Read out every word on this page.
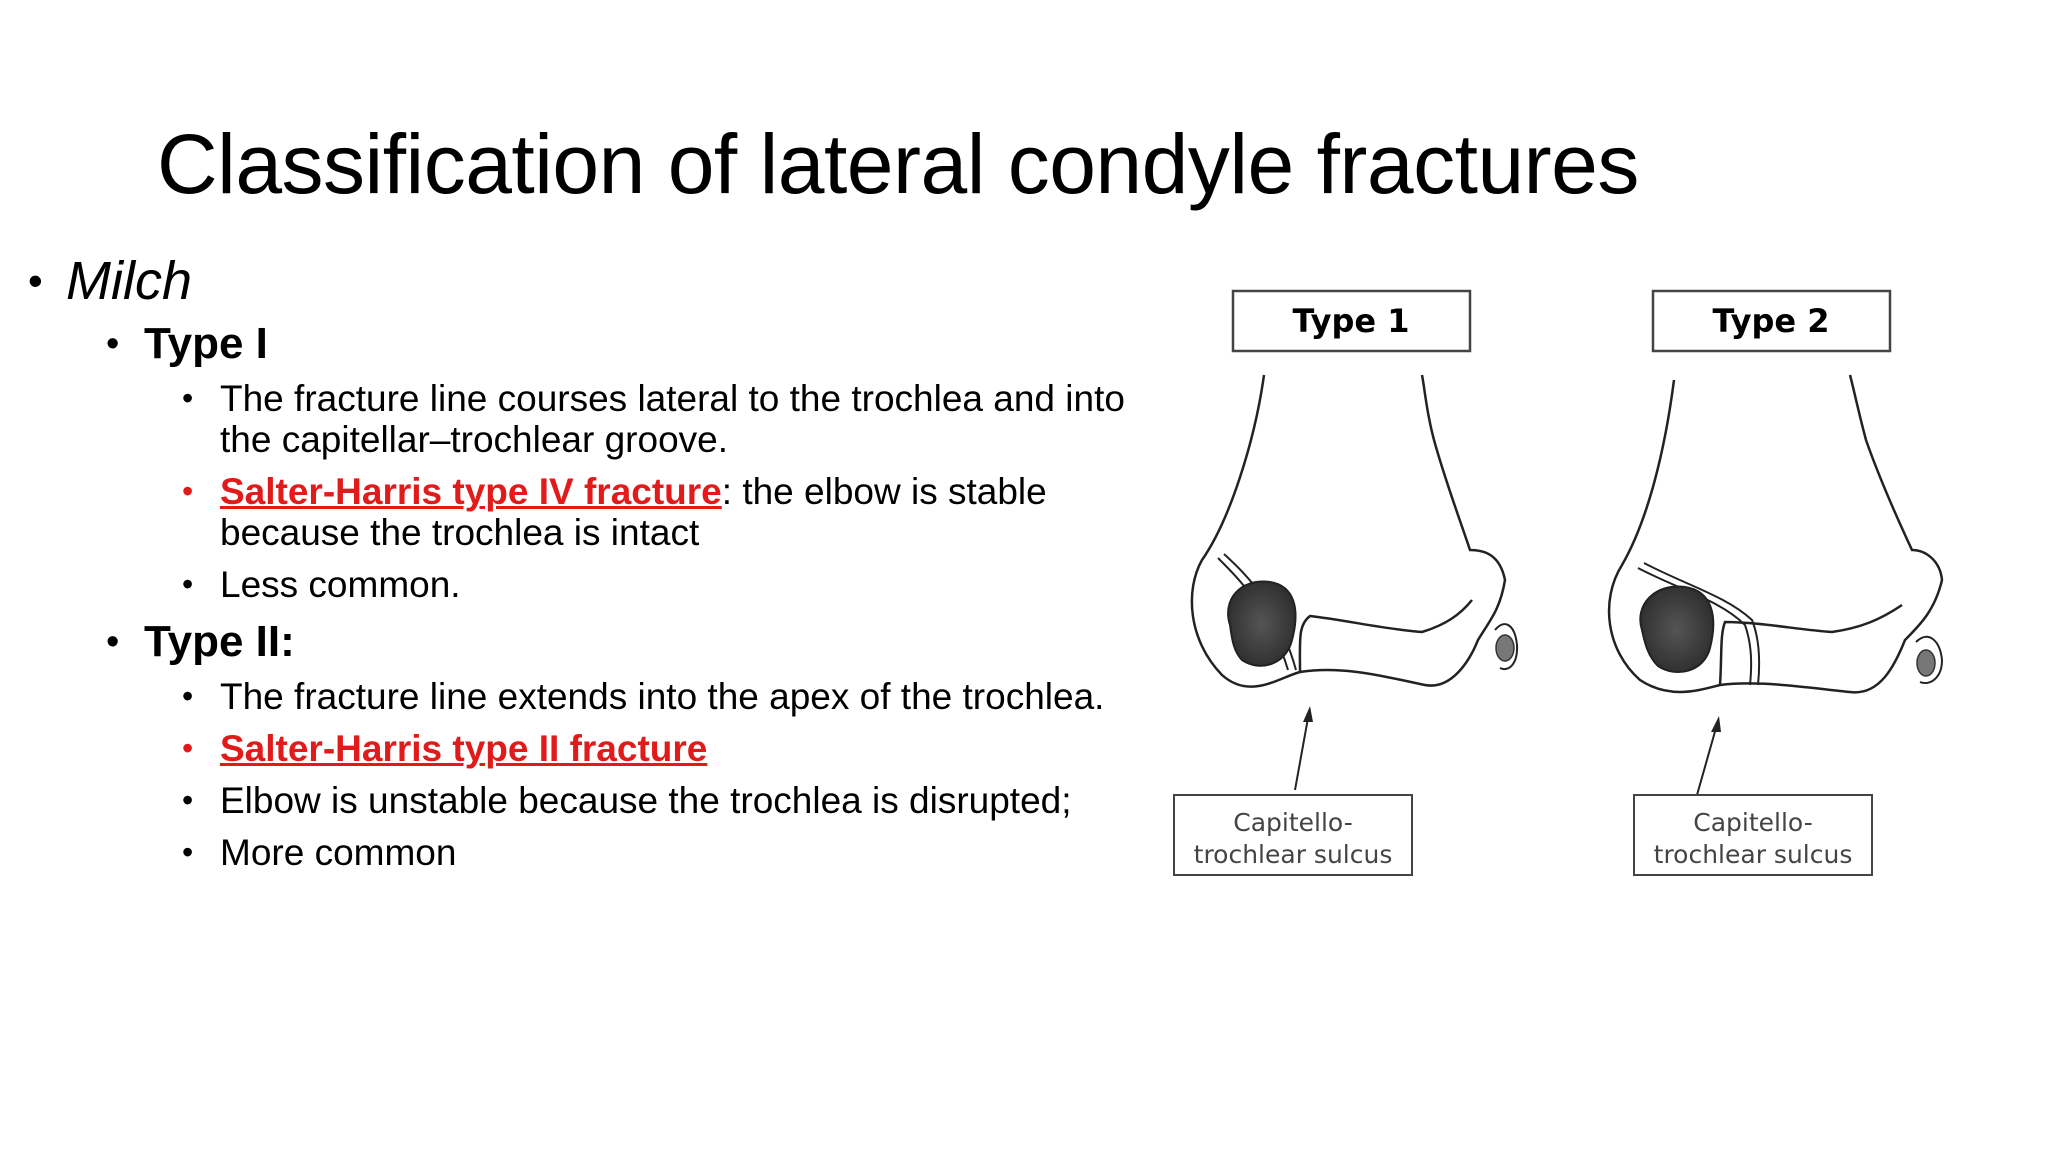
Classification of lateral condyle fractures
• Milch
• Type I
• The fracture line courses lateral to the trochlea and into the capitellar–trochlear groove.
• Salter-Harris type IV fracture: the elbow is stable because the trochlea is intact
• Less common.
• Type II:
• The fracture line extends into the apex of the trochlea.
• Salter-Harris type II fracture
• Elbow is unstable because the trochlea is disrupted;
• More common
Type 1
Capitello-
trochlear sulcus
Type 2
Capitello-
trochlear sulcus
